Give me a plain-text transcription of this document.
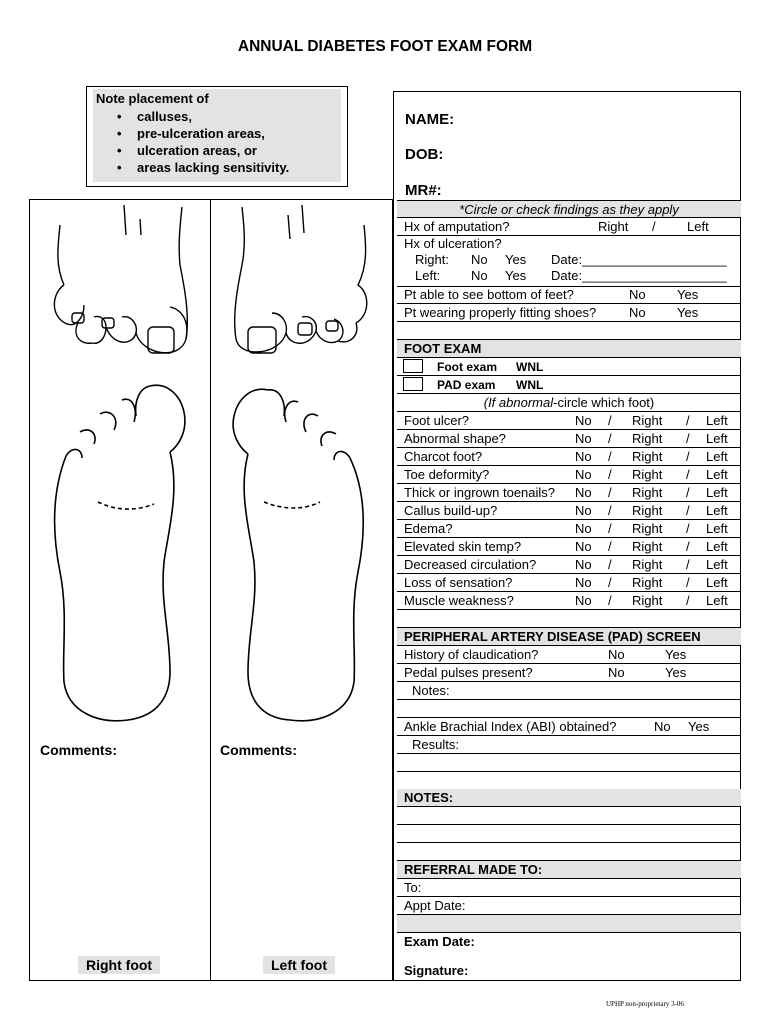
ANNUAL DIABETES FOOT EXAM FORM
Note placement of
• calluses,
• pre-ulceration areas,
• ulceration areas, or
• areas lacking sensitivity.
Comments:	Comments:
Right foot	Left foot
NAME:
DOB:
MR#:
*Circle or check findings as they apply
Hx of amputation?	Right / Left
Hx of ulceration?
Right: No Yes Date:____________________
Left: No Yes Date:____________________
Pt able to see bottom of feet?	No Yes
Pt wearing properly fitting shoes?	No Yes
FOOT EXAM
Foot exam WNL
PAD exam WNL
(If abnormal-circle which foot)
Foot ulcer?	No / Right / Left
Abnormal shape?	No / Right / Left
Charcot foot?	No / Right / Left
Toe deformity?	No / Right / Left
Thick or ingrown toenails? No / Right / Left
Callus build-up?	No / Right / Left
Edema?	No / Right / Left
Elevated skin temp?	No / Right / Left
Decreased circulation?	No / Right / Left
Loss of sensation?	No / Right / Left
Muscle weakness?	No / Right / Left
PERIPHERAL ARTERY DISEASE (PAD) SCREEN
History of claudication?	No	Yes
Pedal pulses present?	No	Yes
Notes:
Ankle Brachial Index (ABI) obtained?	No Yes
Results:
NOTES:
REFERRAL MADE TO:
To:
Appt Date:
Exam Date:
Signature:
UPHP non-proprietary 3-06
